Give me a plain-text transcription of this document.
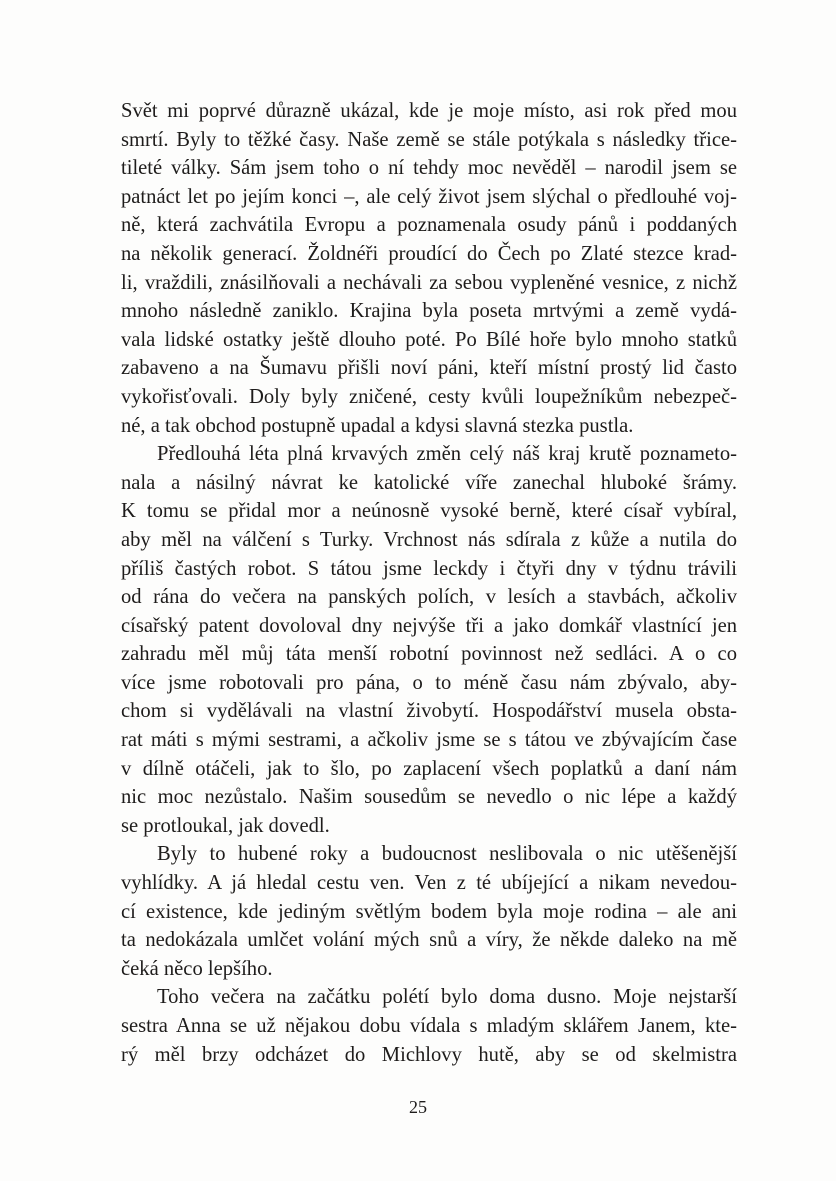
Svět mi poprvé důrazně ukázal, kde je moje místo, asi rok před mou
smrtí. Byly to těžké časy. Naše země se stále potýkala s následky třice-
tileté války. Sám jsem toho o ní tehdy moc nevěděl – narodil jsem se
patnáct let po jejím konci –, ale celý život jsem slýchal o předlouhé voj-
ně, která zachvátila Evropu a poznamenala osudy pánů i poddaných
na několik generací. Žoldnéři proudící do Čech po Zlaté stezce krad-
li, vraždili, znásilňovali a nechávali za sebou vypleněné vesnice, z nichž
mnoho následně zaniklo. Krajina byla poseta mrtvými a země vydá-
vala lidské ostatky ještě dlouho poté. Po Bílé hoře bylo mnoho statků
zabaveno a na Šumavu přišli noví páni, kteří místní prostý lid často
vykořisťovali. Doly byly zničené, cesty kvůli loupežníkům nebezpeč-
né, a tak obchod postupně upadal a kdysi slavná stezka pustla.
Předlouhá léta plná krvavých změn celý náš kraj krutě poznameto-
nala a násilný návrat ke katolické víře zanechal hluboké šrámy.
K tomu se přidal mor a neúnosně vysoké berně, které císař vybíral,
aby měl na válčení s Turky. Vrchnost nás sdírala z kůže a nutila do
příliš častých robot. S tátou jsme leckdy i čtyři dny v týdnu trávili
od rána do večera na panských polích, v lesích a stavbách, ačkoliv
císařský patent dovoloval dny nejvýše tři a jako domkář vlastnící jen
zahradu měl můj táta menší robotní povinnost než sedláci. A o co
více jsme robotovali pro pána, o to méně času nám zbývalo, aby-
chom si vydělávali na vlastní živobytí. Hospodářství musela obsta-
rat máti s mými sestrami, a ačkoliv jsme se s tátou ve zbývajícím čase
v dílně otáčeli, jak to šlo, po zaplacení všech poplatků a daní nám
nic moc nezůstalo. Našim sousedům se nevedlo o nic lépe a každý
se protloukal, jak dovedl.
Byly to hubené roky a budoucnost neslibovala o nic utěšenější
vyhlídky. A já hledal cestu ven. Ven z té ubíjející a nikam nevedou-
cí existence, kde jediným světlým bodem byla moje rodina – ale ani
ta nedokázala umlčet volání mých snů a víry, že někde daleko na mě
čeká něco lepšího.
Toho večera na začátku polétí bylo doma dusno. Moje nejstarší
sestra Anna se už nějakou dobu vídala s mladým sklářem Janem, kte-
rý měl brzy odcházet do Michlovy hutě, aby se od skelmistra
25
